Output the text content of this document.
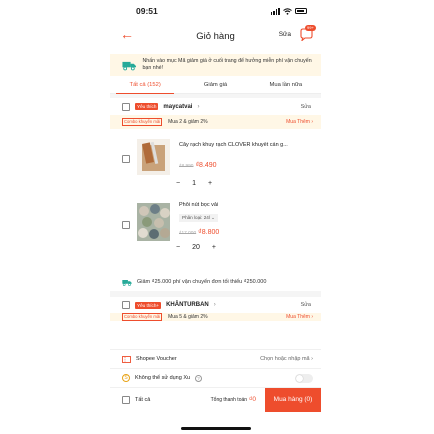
09:51
←	Giỏ hàng	Sửa
99+
Nhấn vào mục Mã giảm giá ở cuối trang để hưởng miễn phí vận chuyển bạn nhé!
Tất cả (152)	Giảm giá	Mua lần nữa
Yêu thích	maycatvai ›	Sửa
Combo khuyến mãi	Mua 2 & giảm 2%	Mua Thêm ›
Cây rạch khuy rạch CLOVER khuyết cán g...
₫8.990 ₫8.490
− 1 +
Phôi nút bọc vải
Phân loại: 24l ⌄
₫17.000 ₫8.800
− 20 +
Giảm ₫25.000 phí vận chuyển đơn tối thiểu ₫250.000
Yêu thích+	KHÂNTURBAN ›	Sửa
Combo khuyến mãi	Mua 5 & giảm 2%	Mua Thêm ›
Shopee Voucher	Chọn hoặc nhập mã ›
S	Không thể sử dụng Xu	?
Tất cả	Tổng thanh toán ₫0	Mua hàng (0)
